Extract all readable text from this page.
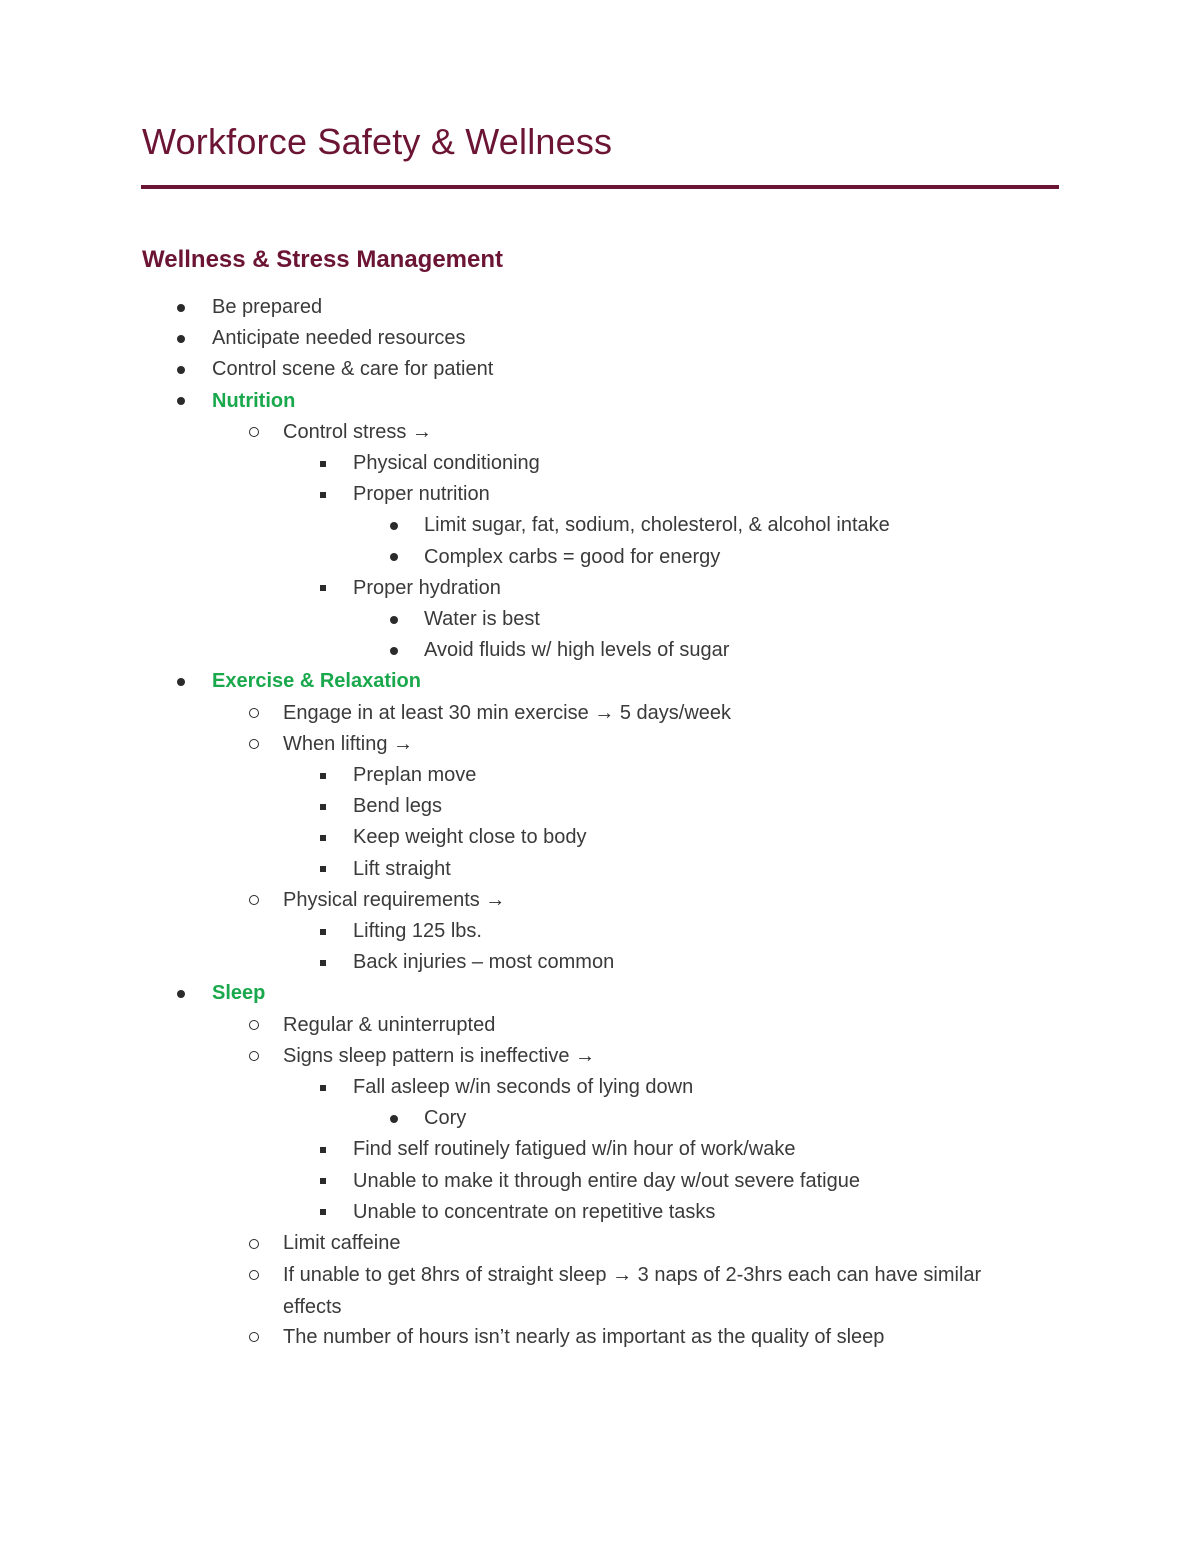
Workforce Safety & Wellness
Wellness & Stress Management
Be prepared
Anticipate needed resources
Control scene & care for patient
Nutrition
Control stress →
Physical conditioning
Proper nutrition
Limit sugar, fat, sodium, cholesterol, & alcohol intake
Complex carbs = good for energy
Proper hydration
Water is best
Avoid fluids w/ high levels of sugar
Exercise & Relaxation
Engage in at least 30 min exercise → 5 days/week
When lifting →
Preplan move
Bend legs
Keep weight close to body
Lift straight
Physical requirements →
Lifting 125 lbs.
Back injuries – most common
Sleep
Regular & uninterrupted
Signs sleep pattern is ineffective →
Fall asleep w/in seconds of lying down
Cory
Find self routinely fatigued w/in hour of work/wake
Unable to make it through entire day w/out severe fatigue
Unable to concentrate on repetitive tasks
Limit caffeine
If unable to get 8hrs of straight sleep → 3 naps of 2-3hrs each can have similar effects
The number of hours isn’t nearly as important as the quality of sleep
